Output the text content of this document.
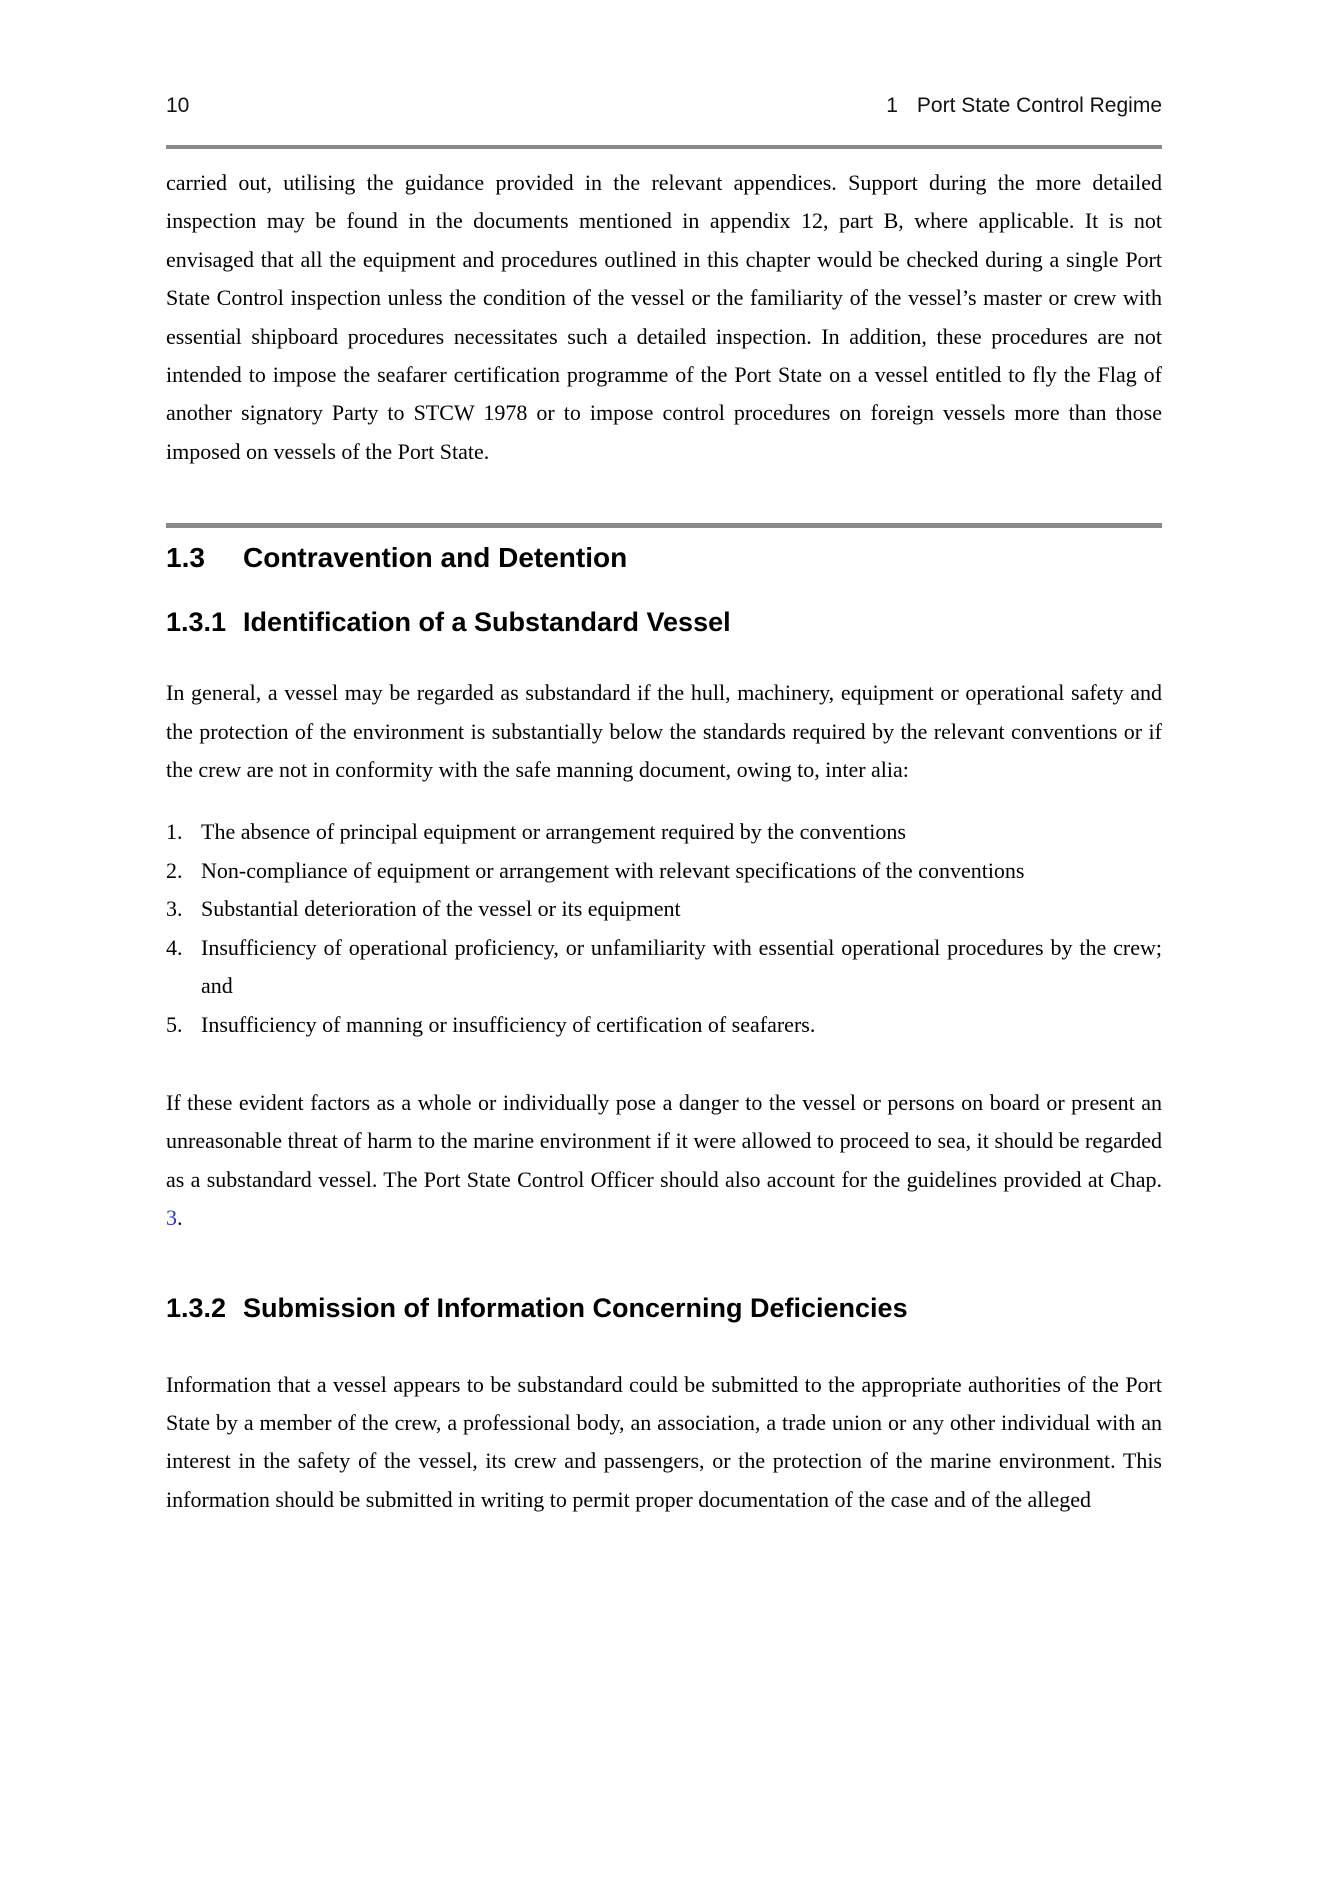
10	1 Port State Control Regime

carried out, utilising the guidance provided in the relevant appendices. Support during the more detailed inspection may be found in the documents mentioned in appendix 12, part B, where applicable. It is not envisaged that all the equipment and procedures outlined in this chapter would be checked during a single Port State Control inspection unless the condition of the vessel or the familiarity of the vessel’s master or crew with essential shipboard procedures necessitates such a detailed inspection. In addition, these procedures are not intended to impose the seafarer certification programme of the Port State on a vessel entitled to fly the Flag of another signatory Party to STCW 1978 or to impose control procedures on foreign vessels more than those imposed on vessels of the Port State.

1.3	Contravention and Detention
1.3.1 Identification of a Substandard Vessel

In general, a vessel may be regarded as substandard if the hull, machinery, equipment or operational safety and the protection of the environment is substantially below the standards required by the relevant conventions or if the crew are not in conformity with the safe manning document, owing to, inter alia:

1. The absence of principal equipment or arrangement required by the conventions
2. Non-compliance of equipment or arrangement with relevant specifications of the conventions
3. Substantial deterioration of the vessel or its equipment
4. Insufficiency of operational proficiency, or unfamiliarity with essential operational procedures by the crew; and
5. Insufficiency of manning or insufficiency of certification of seafarers.

If these evident factors as a whole or individually pose a danger to the vessel or persons on board or present an unreasonable threat of harm to the marine environment if it were allowed to proceed to sea, it should be regarded as a substandard vessel. The Port State Control Officer should also account for the guidelines provided at Chap. 3.

1.3.2 Submission of Information Concerning Deficiencies

Information that a vessel appears to be substandard could be submitted to the appropriate authorities of the Port State by a member of the crew, a professional body, an association, a trade union or any other individual with an interest in the safety of the vessel, its crew and passengers, or the protection of the marine environment. This information should be submitted in writing to permit proper documentation of the case and of the alleged
